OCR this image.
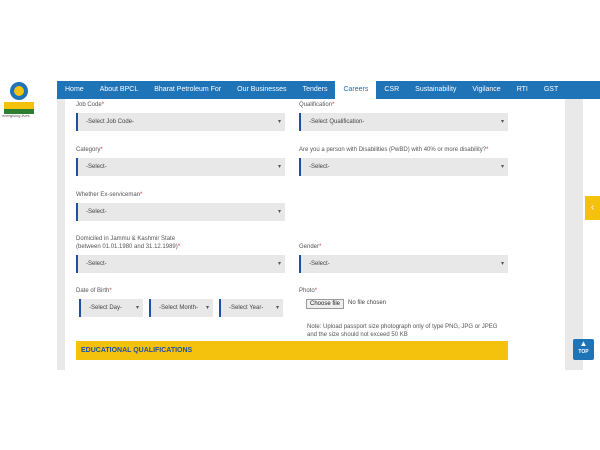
energising lives
Home	About BPCL	Bharat Petroleum For	Our Businesses	Tenders	Careers	CSR	Sustainability	Vigilance	RTI	GST
Job Code*
-Select Job Code-	▾
Qualification*
-Select Qualification-	▾
Category*
-Select-	▾
Are you a person with Disabilities (PwBD) with 40% or more disability?*
-Select-	▾
Whether Ex-serviceman*
-Select-	▾
Domiciled in Jammu & Kashmir State
(between 01.01.1980 and 31.12.1989)*
-Select-	▾
Gender*
-Select-	▾
Date of Birth*
-Select Day- ▾	-Select Month- ▾	-Select Year- ▾
Photo*
Choose file	No file chosen
Note: Upload passport size photograph only of type PNG, JPG or JPEG and the size should not exceed 50 KB
EDUCATIONAL QUALIFICATIONS
‹
▲
TOP
